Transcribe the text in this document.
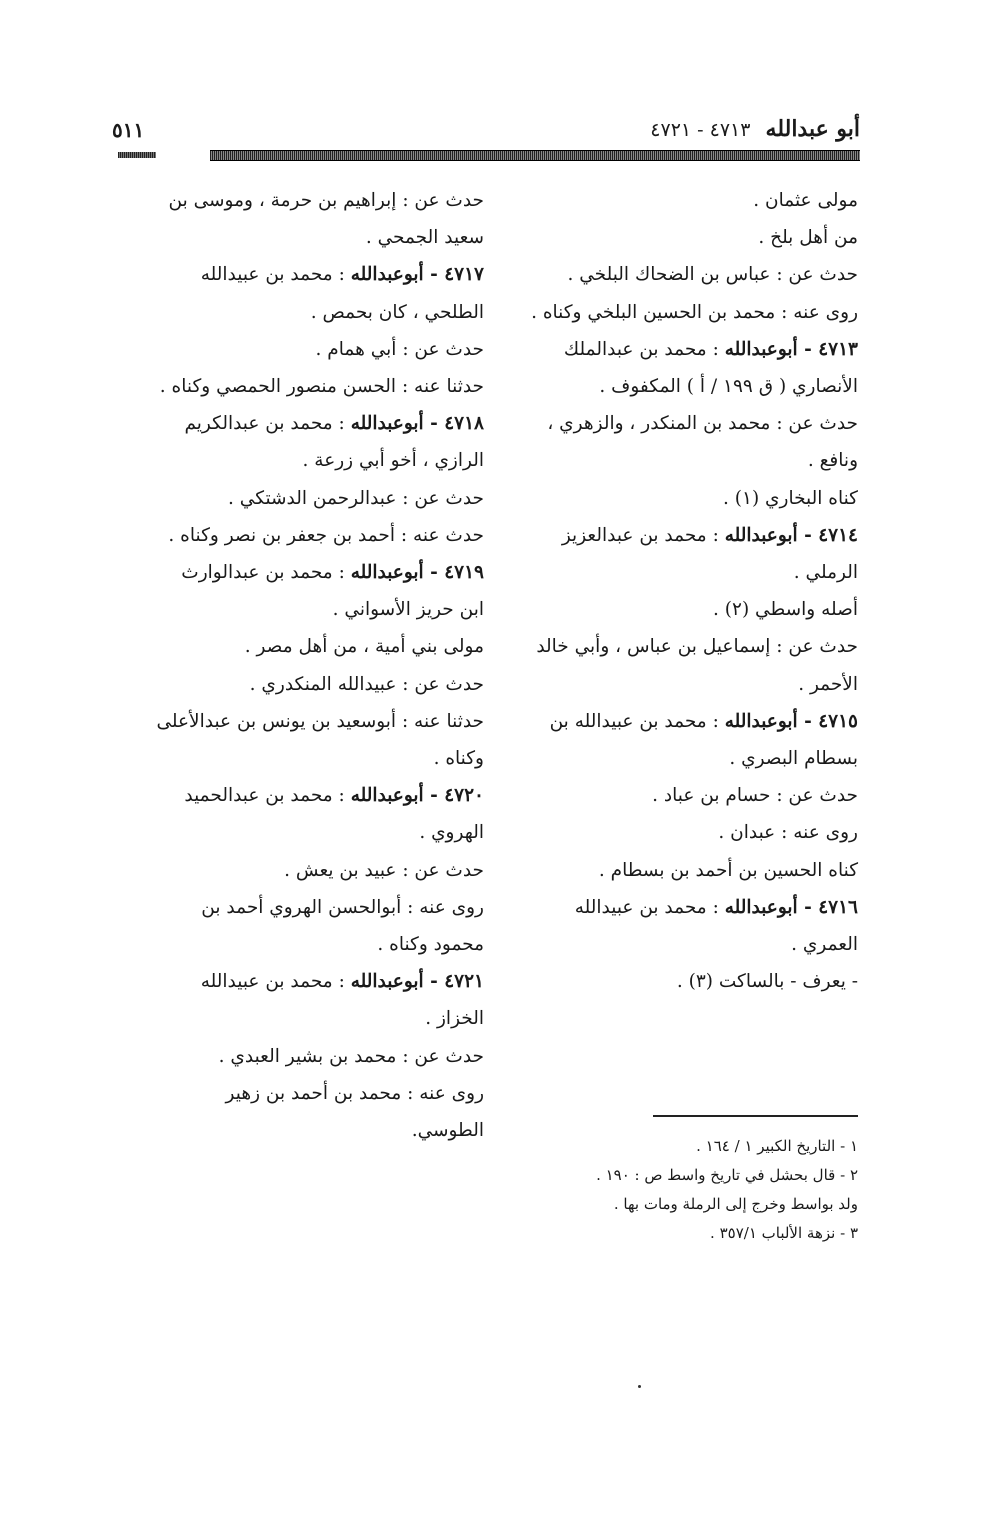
أبو عبدالله ٤٧١٣ - ٤٧٢١
٥١١
مولى عثمان .
من أهل بلخ .
حدث عن : عباس بن الضحاك البلخي .
روى عنه : محمد بن الحسين البلخي وكناه .
٤٧١٣ - أبوعبدالله : محمد بن عبدالملك
الأنصاري ( ق ١٩٩ / أ ) المكفوف .
حدث عن : محمد بن المنكدر ، والزهري ،
ونافع .
كناه البخاري (١) .
٤٧١٤ - أبوعبدالله : محمد بن عبدالعزيز
الرملي .
أصله واسطي (٢) .
حدث عن : إسماعيل بن عباس ، وأبي خالد
الأحمر .
٤٧١٥ - أبوعبدالله : محمد بن عبيدالله بن
بسطام البصري .
حدث عن : حسام بن عباد .
روى عنه : عبدان .
كناه الحسين بن أحمد بن بسطام .
٤٧١٦ - أبوعبدالله : محمد بن عبيدالله
العمري .
- يعرف - بالساكت (٣) .
حدث عن : إبراهيم بن حرمة ، وموسى بن
سعيد الجمحي .
٤٧١٧ - أبوعبدالله : محمد بن عبيدالله
الطلحي ، كان بحمص .
حدث عن : أبي همام .
حدثنا عنه : الحسن منصور الحمصي وكناه .
٤٧١٨ - أبوعبدالله : محمد بن عبدالكريم
الرازي ، أخو أبي زرعة .
حدث عن : عبدالرحمن الدشتكي .
حدث عنه : أحمد بن جعفر بن نصر وكناه .
٤٧١٩ - أبوعبدالله : محمد بن عبدالوارث
ابن حريز الأسواني .
مولى بني أمية ، من أهل مصر .
حدث عن : عبيدالله المنكدري .
حدثنا عنه : أبوسعيد بن يونس بن عبدالأعلى
وكناه .
٤٧٢٠ - أبوعبدالله : محمد بن عبدالحميد
الهروي .
حدث عن : عبيد بن يعش .
روى عنه : أبوالحسن الهروي أحمد بن
محمود وكناه .
٤٧٢١ - أبوعبدالله : محمد بن عبيدالله
الخزاز .
حدث عن : محمد بن بشير العبدي .
روى عنه : محمد بن أحمد بن زهير
الطوسي.
١ - التاريخ الكبير ١ / ١٦٤ .
٢ - قال بحشل في تاريخ واسط ص : ١٩٠ .
ولد بواسط وخرج إلى الرملة ومات بها .
٣ - نزهة الألباب ٣٥٧/١ .
